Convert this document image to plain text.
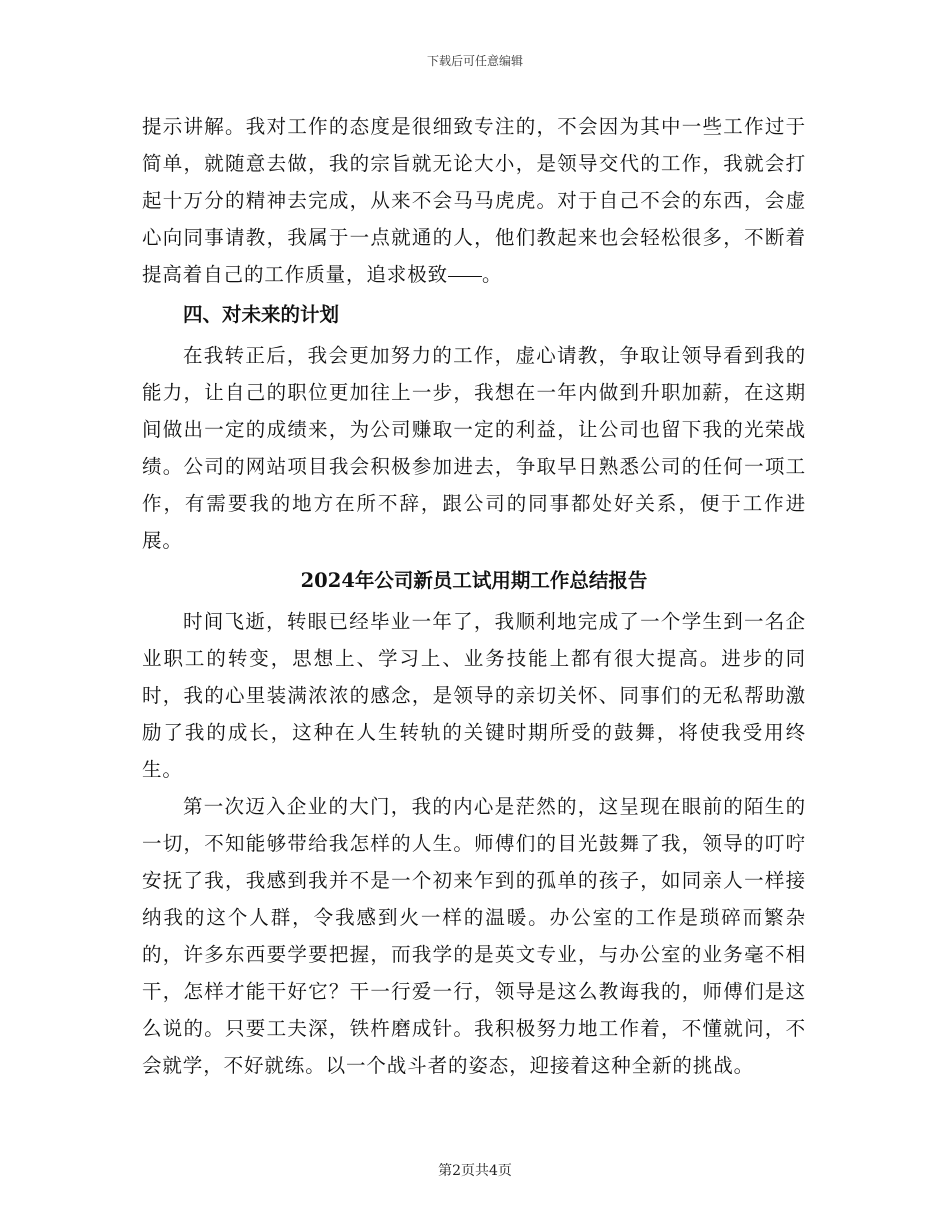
下载后可任意编辑

提示讲解。我对工作的态度是很细致专注的，不会因为其中一些工作过于简单，就随意去做，我的宗旨就无论大小，是领导交代的工作，我就会打起十万分的精神去完成，从来不会马马虎虎。对于自己不会的东西，会虚心向同事请教，我属于一点就通的人，他们教起来也会轻松很多，不断着提高着自己的工作质量，追求极致 。

四、对未来的计划

在我转正后，我会更加努力的工作，虚心请教，争取让领导看到我的能力，让自己的职位更加往上一步，我想在一年内做到升职加薪，在这期间做出一定的成绩来，为公司赚取一定的利益，让公司也留下我的光荣战绩。公司的网站项目我会积极参加进去，争取早日熟悉公司的任何一项工作，有需要我的地方在所不辞，跟公司的同事都处好关系，便于工作进展。

2024年公司新员工试用期工作总结报告

时间飞逝，转眼已经毕业一年了，我顺利地完成了一个学生到一名企业职工的转变，思想上、学习上、业务技能上都有很大提高。进步的同时，我的心里装满浓浓的感念，是领导的亲切关怀、同事们的无私帮助激励了我的成长，这种在人生转轨的关键时期所受的鼓舞，将使我受用终生。

第一次迈入企业的大门，我的内心是茫然的，这呈现在眼前的陌生的一切，不知能够带给我怎样的人生。师傅们的目光鼓舞了我，领导的叮咛安抚了我，我感到我并不是一个初来乍到的孤单的孩子，如同亲人一样接纳我的这个人群，令我感到火一样的温暖。办公室的工作是琐碎而繁杂的，许多东西要学要把握，而我学的是英文专业，与办公室的业务毫不相干，怎样才能干好它？干一行爱一行，领导是这么教诲我的，师傅们是这么说的。只要工夫深，铁杵磨成针。我积极努力地工作着，不懂就问，不会就学，不好就练。以一个战斗者的姿态，迎接着这种全新的挑战。

第2页共4页
